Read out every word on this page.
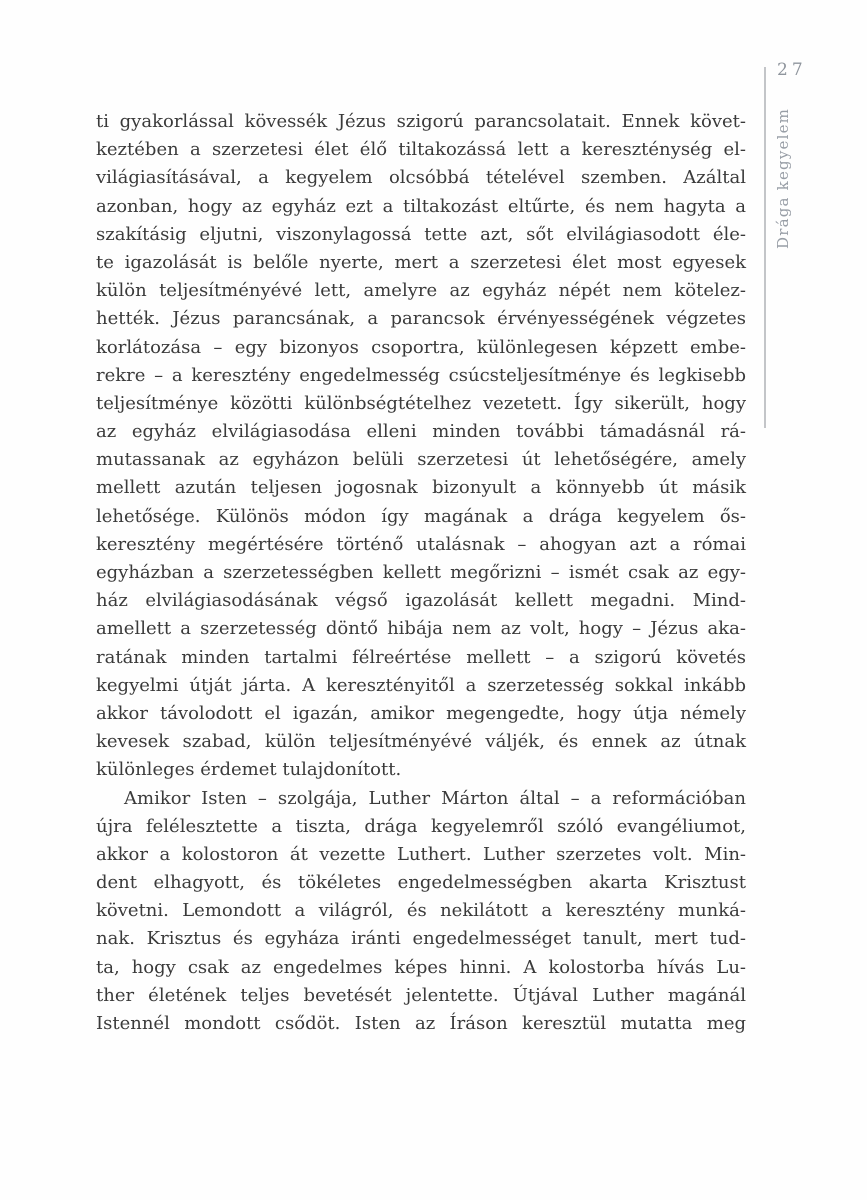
27
Drága kegyelem
ti gyakorlással kövessék Jézus szigorú parancsolatait. Ennek követ-
keztében a szerzetesi élet élő tiltakozássá lett a kereszténység el-
világiasításával, a kegyelem olcsóbbá tételével szemben. Azáltal
azonban, hogy az egyház ezt a tiltakozást eltűrte, és nem hagyta a
szakításig eljutni, viszonylagossá tette azt, sőt elvilágiasodott éle-
te igazolását is belőle nyerte, mert a szerzetesi élet most egyesek
külön teljesítményévé lett, amelyre az egyház népét nem kötelez-
hették. Jézus parancsának, a parancsok érvényességének végzetes
korlátozása – egy bizonyos csoportra, különlegesen képzett embe-
rekre – a keresztény engedelmesség csúcsteljesítménye és legkisebb
teljesítménye közötti különbségtételhez vezetett. Így sikerült, hogy
az egyház elvilágiasodása elleni minden további támadásnál rá-
mutassanak az egyházon belüli szerzetesi út lehetőségére, amely
mellett azután teljesen jogosnak bizonyult a könnyebb út másik
lehetősége. Különös módon így magának a drága kegyelem ős-
keresztény megértésére történő utalásnak – ahogyan azt a római
egyházban a szerzetességben kellett megőrizni – ismét csak az egy-
ház elvilágiasodásának végső igazolását kellett megadni. Mind-
amellett a szerzetesség döntő hibája nem az volt, hogy – Jézus aka-
ratának minden tartalmi félreértése mellett – a szigorú követés
kegyelmi útját járta. A keresztényitől a szerzetesség sokkal inkább
akkor távolodott el igazán, amikor megengedte, hogy útja némely
kevesek szabad, külön teljesítményévé váljék, és ennek az útnak
különleges érdemet tulajdonított.
Amikor Isten – szolgája, Luther Márton által – a reformációban
újra felélesztette a tiszta, drága kegyelemről szóló evangéliumot,
akkor a kolostoron át vezette Luthert. Luther szerzetes volt. Min-
dent elhagyott, és tökéletes engedelmességben akarta Krisztust
követni. Lemondott a világról, és nekilátott a keresztény munká-
nak. Krisztus és egyháza iránti engedelmességet tanult, mert tud-
ta, hogy csak az engedelmes képes hinni. A kolostorba hívás Lu-
ther életének teljes bevetését jelentette. Útjával Luther magánál
Istennél mondott csődöt. Isten az Íráson keresztül mutatta meg
